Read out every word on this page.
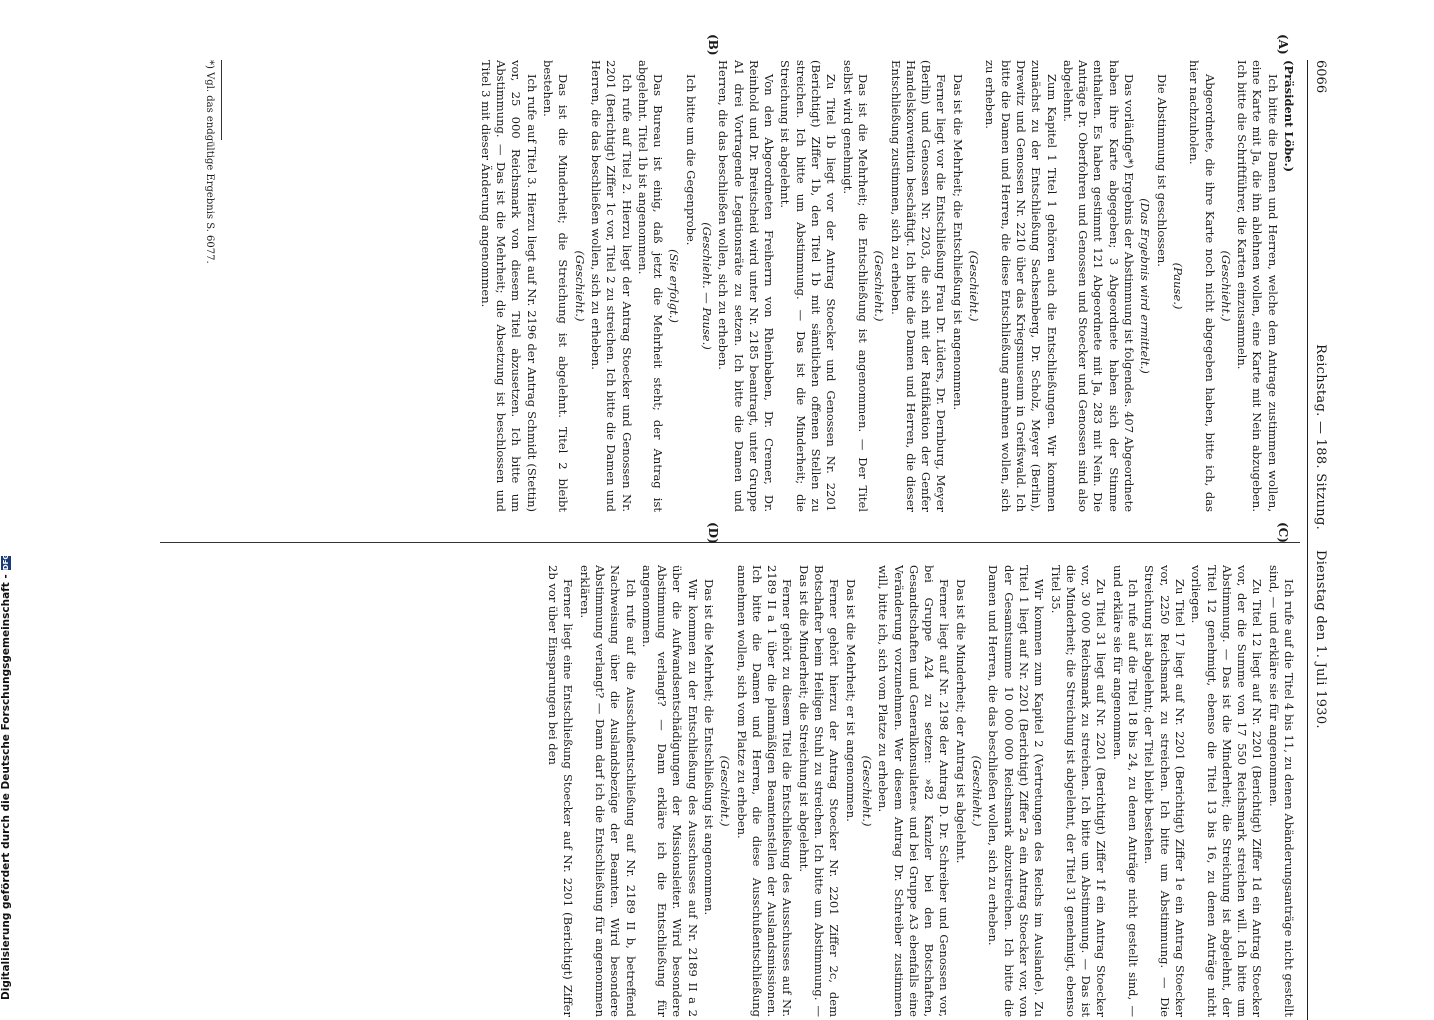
6066
Reichstag. — 188. Sitzung.
Dienstag den 1. Juli 1930.
(A)
(B)
(C)
(D)

(Präsident Löbe.)

Ich bitte die Damen und Herren, welche dem Antrage zustimmen wollen, eine Karte mit Ja, die ihn ablehnen wollen, eine Karte mit Nein abzugeben. Ich bitte die Schriftführer, die Karten einzusammeln.

(Geschieht.)

Abgeordnete, die ihre Karte noch nicht abgegeben haben, bitte ich, das hier nachzuholen.

(Pause.)

Die Abstimmung ist geschlossen.

(Das Ergebnis wird ermittelt.)

Das vorläufige*) Ergebnis der Abstimmung ist folgendes. 407 Abgeordnete haben ihre Karte abgegeben; 3 Abgeordnete haben sich der Stimme enthalten. Es haben gestimmt 121 Abgeordnete mit Ja, 283 mit Nein. Die Anträge Dr. Oberfohren und Genossen und Stoecker und Genossen sind also abgelehnt.

Zum Kapitel 1 Titel 1 gehören auch die Entschließungen. Wir kommen zunächst zu der Entschließung Sachsenberg, Dr. Scholz, Meyer (Berlin), Drewitz und Genossen Nr. 2210 über das Kriegsmuseum in Greifswald. Ich bitte die Damen und Herren, die diese Entschließung annehmen wollen, sich zu erheben.

(Geschieht.)

Das ist die Mehrheit; die Entschließung ist angenommen.

Ferner liegt vor die Entschließung Frau Dr. Lüders, Dr. Dernburg, Meyer (Berlin) und Genossen Nr. 2203, die sich mit der Ratifikation der Genfer Handelskonvention beschäftigt. Ich bitte die Damen und Herren, die dieser Entschließung zustimmen, sich zu erheben.

(Geschieht.)

Das ist die Mehrheit; die Entschließung ist angenommen. — Der Titel selbst wird genehmigt.

Zu Titel 1b liegt vor der Antrag Stoecker und Genossen Nr. 2201 (Berichtigt) Ziffer 1b, den Titel 1b mit sämtlichen offenen Stellen zu streichen. Ich bitte um Abstimmung. — Das ist die Minderheit; die Streichung ist abgelehnt.

Von den Abgeordneten Freiherrn von Rheinbaben, Dr. Cremer, Dr. Reinhold und Dr. Breitscheid wird unter Nr. 2185 beantragt, unter Gruppe A1 drei Vortragende Legationsräte zu setzen. Ich bitte die Damen und Herren, die das beschließen wollen, sich zu erheben.

(Geschieht. — Pause.)

Ich bitte um die Gegenprobe.

(Sie erfolgt.)

Das Bureau ist einig, daß jetzt die Mehrheit steht; der Antrag ist abgelehnt. Titel 1b ist angenommen.

Ich rufe auf Titel 2. Hierzu liegt der Antrag Stoecker und Genossen Nr. 2201 (Berichtigt) Ziffer 1c vor, Titel 2 zu streichen. Ich bitte die Damen und Herren, die das beschließen wollen, sich zu erheben.

(Geschieht.)

Das ist die Minderheit; die Streichung ist abgelehnt. Titel 2 bleibt bestehen.

Ich rufe auf Titel 3. Hierzu liegt auf Nr. 2196 der Antrag Schmidt (Stettin) vor, 25 000 Reichsmark von diesem Titel abzusetzen. Ich bitte um Abstimmung. — Das ist die Mehrheit; die Absetzung ist beschlossen und Titel 3 mit dieser Änderung angenommen.

Ich rufe auf die Titel 4 bis 11, zu denen Abänderungsanträge nicht gestellt sind, — und erkläre sie für angenommen.

Zu Titel 12 liegt auf Nr. 2201 (Berichtigt) Ziffer 1d ein Antrag Stoecker vor, der die Summe von 17 550 Reichsmark streichen will. Ich bitte um Abstimmung. — Das ist die Minderheit; die Streichung ist abgelehnt, der Titel 12 genehmigt, ebenso die Titel 13 bis 16, zu denen Anträge nicht vorliegen.

Zu Titel 17 liegt auf Nr. 2201 (Berichtigt) Ziffer 1e ein Antrag Stoecker vor, 2250 Reichsmark zu streichen. Ich bitte um Abstimmung. — Die Streichung ist abgelehnt; der Titel bleibt bestehen.

Ich rufe auf die Titel 18 bis 24, zu denen Anträge nicht gestellt sind, — und erkläre sie für angenommen.

Zu Titel 31 liegt auf Nr. 2201 (Berichtigt) Ziffer 1f ein Antrag Stoecker vor, 30 000 Reichsmark zu streichen. Ich bitte um Abstimmung. — Das ist die Minderheit; die Streichung ist abgelehnt, der Titel 31 genehmigt, ebenso Titel 35.

Wir kommen zum Kapitel 2 (Vertretungen des Reichs im Auslande). Zu Titel 1 liegt auf Nr. 2201 (Berichtigt) Ziffer 2a ein Antrag Stoecker vor, von der Gesamtsumme 10 000 000 Reichsmark abzustreichen. Ich bitte die Damen und Herren, die das beschließen wollen, sich zu erheben.

(Geschieht.)

Das ist die Minderheit; der Antrag ist abgelehnt.

Ferner liegt auf Nr. 2198 der Antrag D. Dr. Schreiber und Genossen vor, bei Gruppe A24 zu setzen: »82 Kanzler bei den Botschaften, Gesandtschaften und Generalkonsulaten« und bei Gruppe A3 ebenfalls eine Veränderung vorzunehmen. Wer diesem Antrag Dr. Schreiber zustimmen will, bitte ich, sich vom Platze zu erheben.

(Geschieht.)

Das ist die Mehrheit; er ist angenommen.

Ferner gehört hierzu der Antrag Stoecker Nr. 2201 Ziffer 2c, dem Botschafter beim Heiligen Stuhl zu streichen. Ich bitte um Abstimmung. — Das ist die Minderheit; die Streichung ist abgelehnt.

Ferner gehört zu diesem Titel die Entschließung des Ausschusses auf Nr. 2189 II a 1 über die planmäßigen Beamtenstellen der Auslandsmissionen. Ich bitte die Damen und Herren, die diese Ausschußentschließung annehmen wollen, sich vom Platze zu erheben.

(Geschieht.)

Das ist die Mehrheit; die Entschließung ist angenommen.

Wir kommen zu der Entschließung des Ausschusses auf Nr. 2189 II a 2 über die Aufwandsentschädigungen der Missionsleiter. Wird besondere Abstimmung verlangt? — Dann erkläre ich die Entschließung für angenommen.

Ich rufe auf die Ausschußentschließung auf Nr. 2189 II b, betreffend Nachweisung über die Auslandsbezüge der Beamten. Wird besondere Abstimmung verlangt? — Dann darf ich die Entschließung für angenommen erklären.

Ferner liegt eine Entschließung Stoecker auf Nr. 2201 (Berichtigt) Ziffer 2b vor über Einsparungen bei den

*) Vgl. das endgültige Ergebnis S. 6077.
Digitalisierung gefördert durch die Deutsche Forschungsgemeinschaft -DFG
